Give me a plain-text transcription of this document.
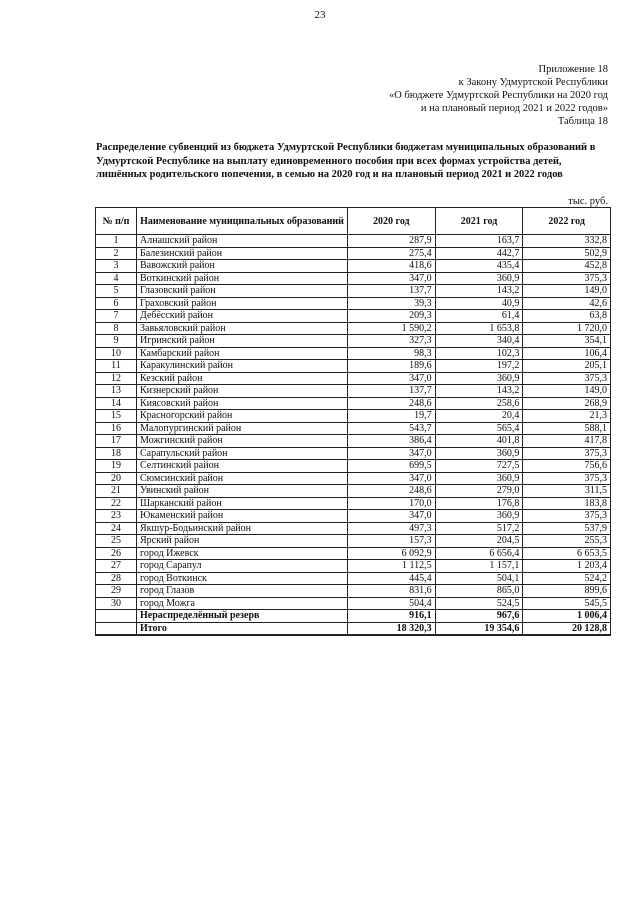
23
Приложение 18
к Закону Удмуртской Республики
«О бюджете Удмуртской Республики на 2020 год
и на плановый период 2021 и 2022 годов»
Таблица 18
Распределение субвенций из бюджета Удмуртской Республики бюджетам муниципальных образований в Удмуртской Республике на выплату единовременного пособия при всех формах устройства детей, лишённых родительского попечения, в семью на 2020 год и на плановый период 2021 и 2022 годов
тыс. руб.
№ п/п	Наименование муниципальных образований	2020 год	2021 год	2022 год
1	Алнашский район	287,9	163,7	332,8
2	Балезинский район	275,4	442,7	502,9
3	Вавожский район	418,6	435,4	452,8
4	Воткинский район	347,0	360,9	375,3
5	Глазовский район	137,7	143,2	149,0
6	Граховский район	39,3	40,9	42,6
7	Дебёсский район	209,3	61,4	63,8
8	Завьяловский район	1 590,2	1 653,8	1 720,0
9	Игринский район	327,3	340,4	354,1
10	Камбарский район	98,3	102,3	106,4
11	Каракулинский район	189,6	197,2	205,1
12	Кезский район	347,0	360,9	375,3
13	Кизнерский район	137,7	143,2	149,0
14	Киясовский район	248,6	258,6	268,9
15	Красногорский район	19,7	20,4	21,3
16	Малопургинский район	543,7	565,4	588,1
17	Можгинский район	386,4	401,8	417,8
18	Сарапульский район	347,0	360,9	375,3
19	Селтинский район	699,5	727,5	756,6
20	Сюмсинский район	347,0	360,9	375,3
21	Увинский район	248,6	279,0	311,5
22	Шарканский район	170,0	176,8	183,8
23	Юкаменский район	347,0	360,9	375,3
24	Якшур-Бодьинский район	497,3	517,2	537,9
25	Ярский район	157,3	204,5	255,3
26	город Ижевск	6 092,9	6 656,4	6 653,5
27	город Сарапул	1 112,5	1 157,1	1 203,4
28	город Воткинск	445,4	504,1	524,2
29	город Глазов	831,6	865,0	899,6
30	город Можга	504,4	524,5	545,5
	Нераспределённый резерв	916,1	967,6	1 006,4
	Итого	18 320,3	19 354,6	20 128,8
